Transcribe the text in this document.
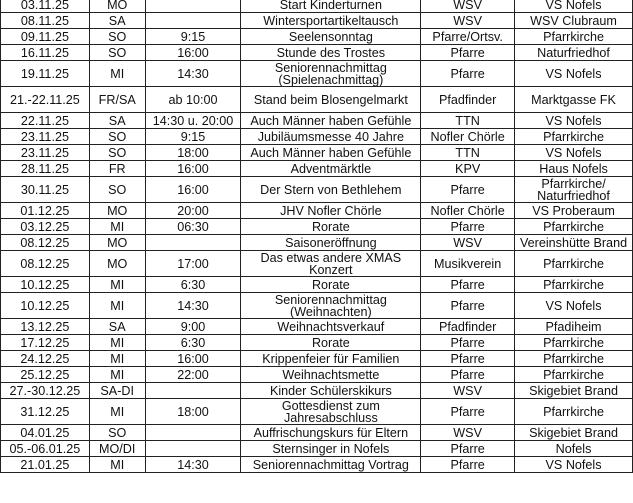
03.11.25	MO		Start Kinderturnen	WSV	VS Nofels
08.11.25	SA		Wintersportartikeltausch	WSV	WSV Clubraum
09.11.25	SO	9:15	Seelensonntag	Pfarre/Ortsv.	Pfarrkirche
16.11.25	SO	16:00	Stunde des Trostes	Pfarre	Naturfriedhof
19.11.25	MI	14:30	Seniorennachmittag (Spielenachmittag)	Pfarre	VS Nofels
21.-22.11.25	FR/SA	ab 10:00	Stand beim Blosengelmarkt	Pfadfinder	Marktgasse FK
22.11.25	SA	14:30 u. 20:00	Auch Männer haben Gefühle	TTN	VS Nofels
23.11.25	SO	9:15	Jubiläumsmesse 40 Jahre	Nofler Chörle	Pfarrkirche
23.11.25	SO	18:00	Auch Männer haben Gefühle	TTN	VS Nofels
28.11.25	FR	16:00	Adventmärktle	KPV	Haus Nofels
30.11.25	SO	16:00	Der Stern von Bethlehem	Pfarre	Pfarrkirche/ Naturfriedhof
01.12.25	MO	20:00	JHV Nofler Chörle	Nofler Chörle	VS Proberaum
03.12.25	MI	06:30	Rorate	Pfarre	Pfarrkirche
08.12.25	MO		Saisoneröffnung	WSV	Vereinshütte Brand
08.12.25	MO	17:00	Das etwas andere XMAS Konzert	Musikverein	Pfarrkirche
10.12.25	MI	6:30	Rorate	Pfarre	Pfarrkirche
10.12.25	MI	14:30	Seniorennachmittag (Weihnachten)	Pfarre	VS Nofels
13.12.25	SA	9:00	Weihnachtsverkauf	Pfadfinder	Pfadiheim
17.12.25	MI	6:30	Rorate	Pfarre	Pfarrkirche
24.12.25	MI	16:00	Krippenfeier für Familien	Pfarre	Pfarrkirche
25.12.25	MI	22:00	Weihnachtsmette	Pfarre	Pfarrkirche
27.-30.12.25	SA-DI		Kinder Schülerskikurs	WSV	Skigebiet Brand
31.12.25	MI	18:00	Gottesdienst zum Jahresabschluss	Pfarre	Pfarrkirche
04.01.25	SO		Auffrischungskurs für Eltern	WSV	Skigebiet Brand
05.-06.01.25	MO/DI		Sternsinger in Nofels	Pfarre	Nofels
21.01.25	MI	14:30	Seniorennachmittag Vortrag	Pfarre	VS Nofels
